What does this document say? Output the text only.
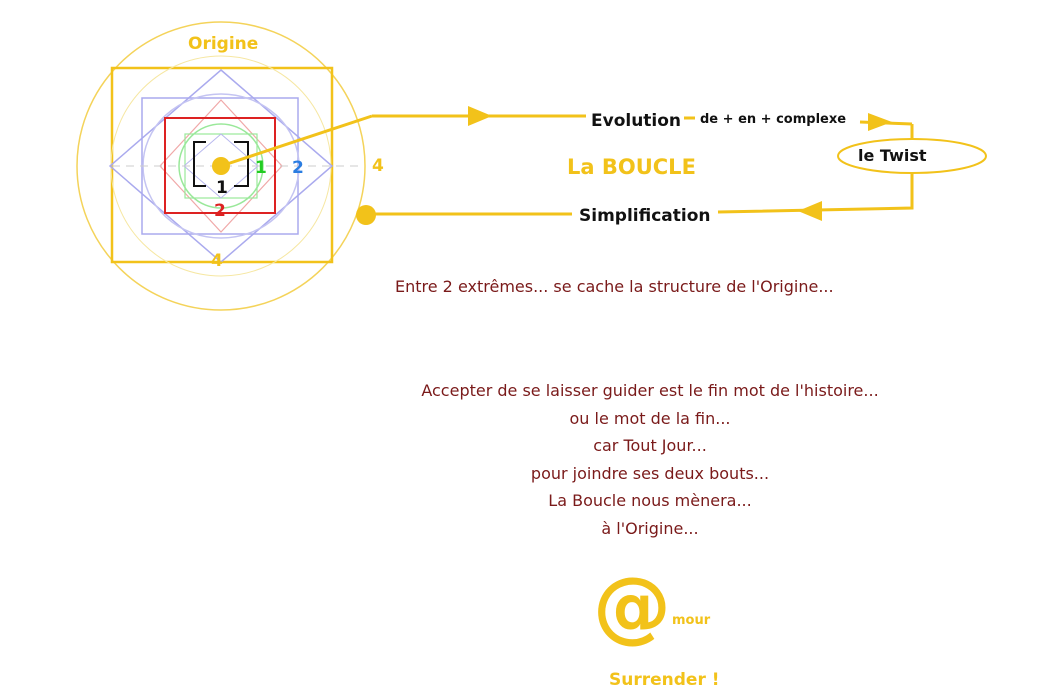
Origine
Evolution de + en + complexe
le Twist
La BOUCLE
Simplification
1
1
2
2
4
4
Entre 2 extrêmes... se cache la structure de l'Origine...
Accepter de se laisser guider est le fin mot de l'histoire...
ou le mot de la fin...
car Tout Jour...
pour joindre ses deux bouts...
La Boucle nous mènera...
à l'Origine...
@ mour
Surrender !
